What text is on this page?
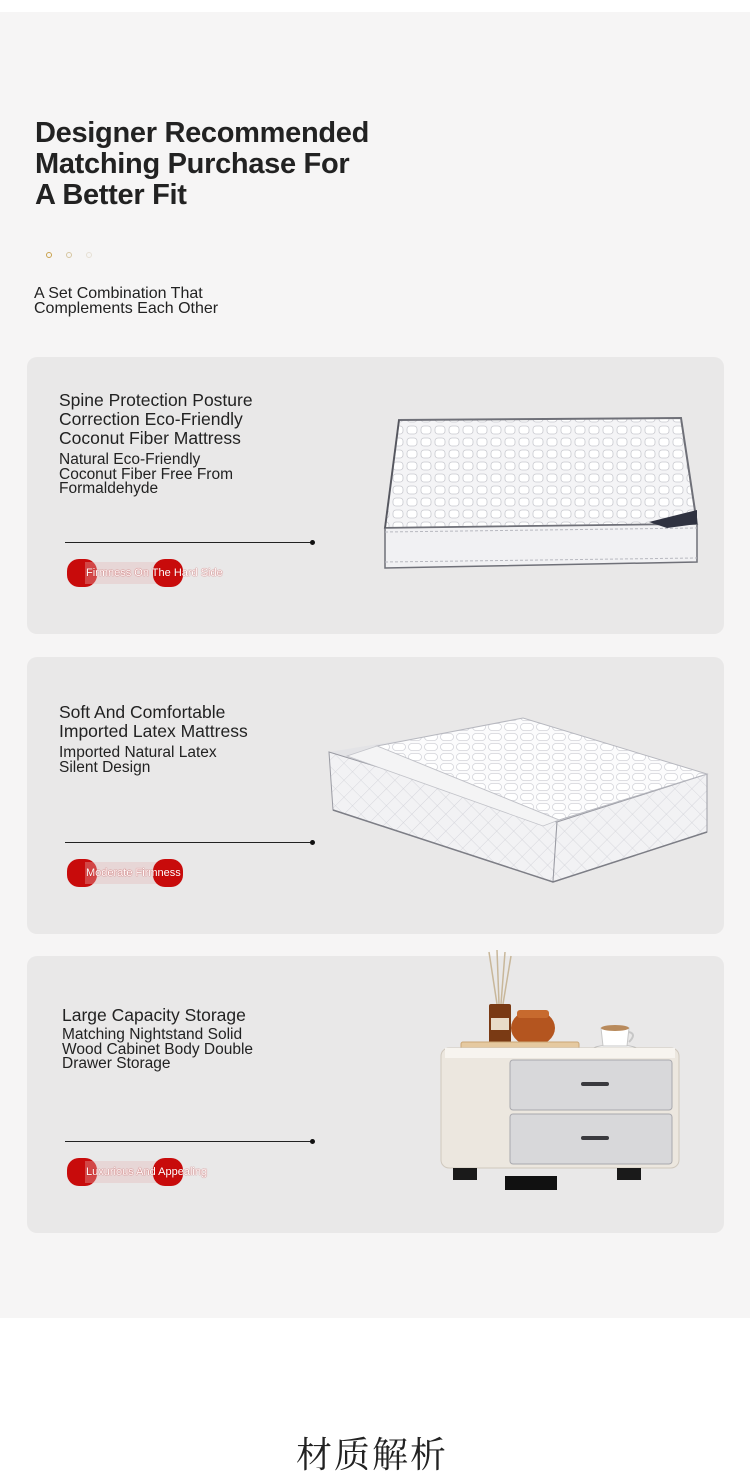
Designer Recommended Matching Purchase For A Better Fit

A Set Combination That Complements Each Other

Spine Protection Posture Correction Eco-Friendly Coconut Fiber Mattress
Natural Eco-Friendly Coconut Fiber Free From Formaldehyde
Firmness On The Hard Side
Soft And Comfortable Imported Latex Mattress
Imported Natural Latex Silent Design
Moderate Firmness
Large Capacity Storage
Matching Nightstand Solid Wood Cabinet Body Double Drawer Storage
Luxurious And Appealing
材质解析
